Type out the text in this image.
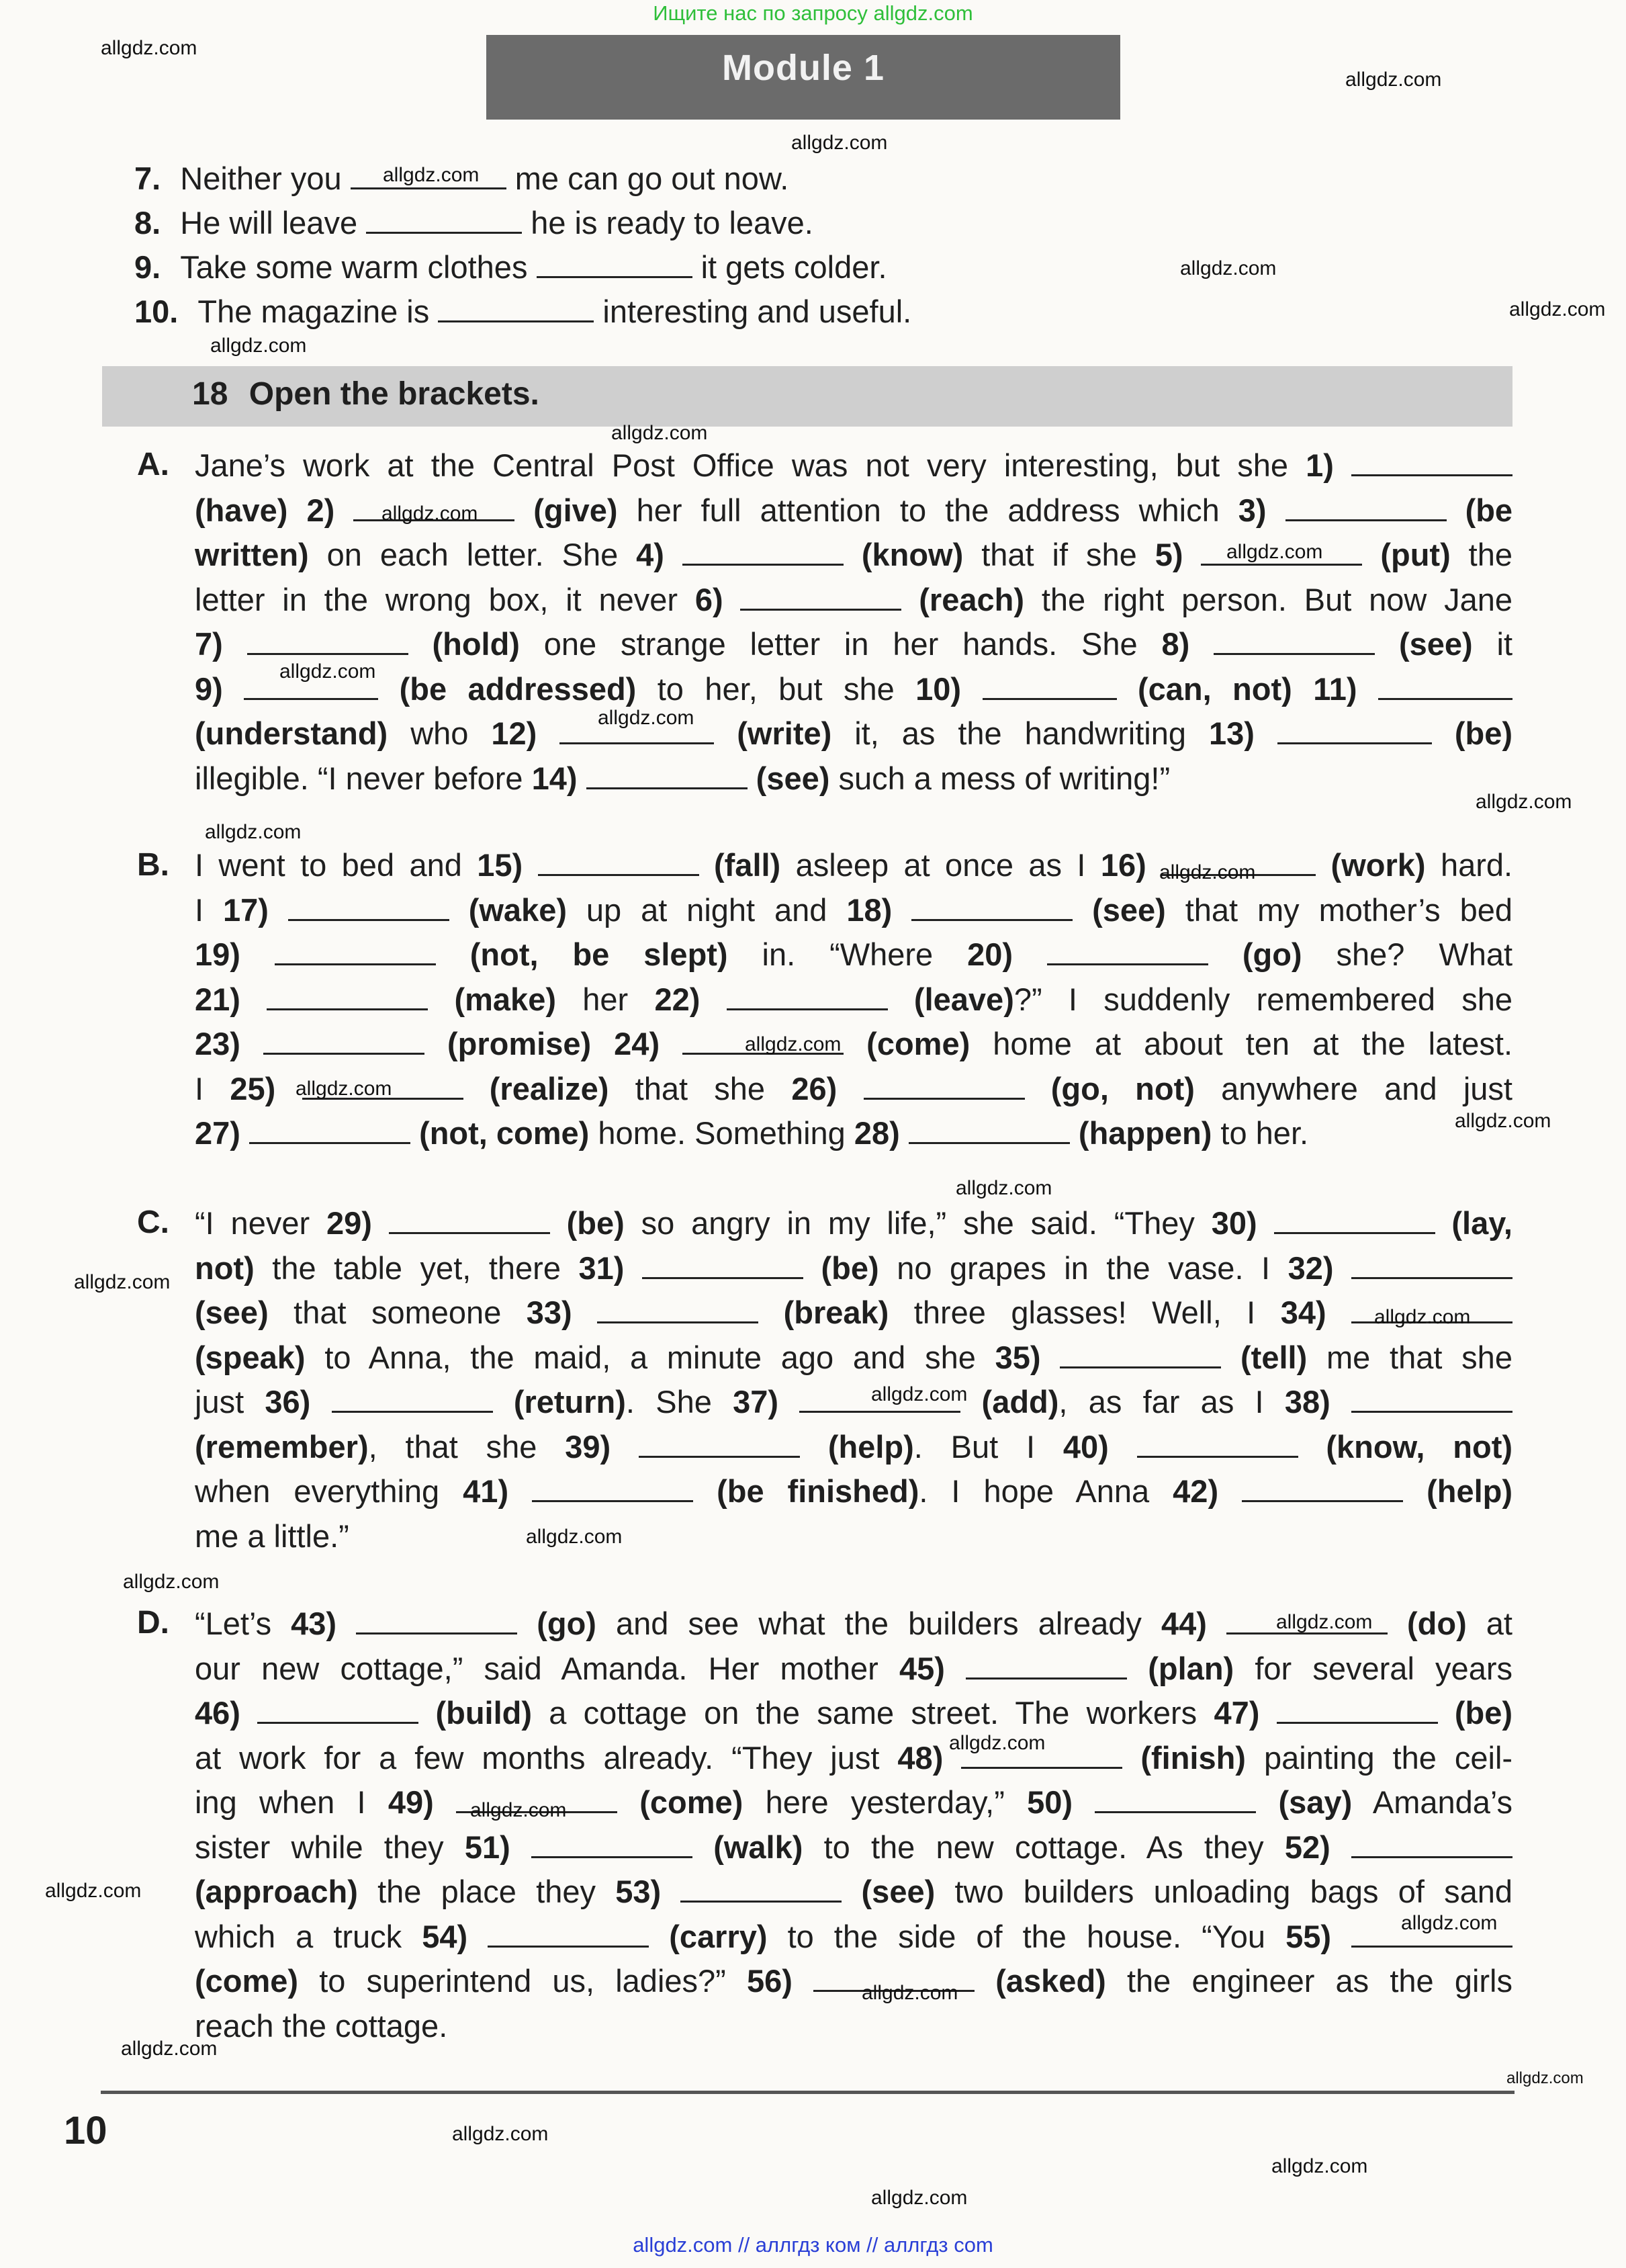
Ищите нас по запросу allgdz.com
Module 1
7. Neither you	me can go out now.
8. He will leave	he is ready to leave.
9. Take some warm clothes	it gets colder.
10. The magazine is	interesting and useful.
18 Open the brackets.
A. Jane’s work at the Central Post Office was not very interesting, but she 1)
(have) 2)	(give) her full attention to the address which 3)	(be
written) on each letter. She 4)	(know) that if she 5)	(put) the
letter in the wrong box, it never 6)	(reach) the right person. But now Jane
7)	(hold) one strange letter in her hands. She 8)	(see) it
9)	(be addressed) to her, but she 10)	(can, not) 11)
(understand) who 12)	(write) it, as the handwriting 13)	(be)
illegible. “I never before 14)	(see) such a mess of writing!”
B. I went to bed and 15)	(fall) asleep at once as I 16)	(work) hard.
I 17)	(wake) up at night and 18)	(see) that my mother’s bed
19)	(not, be slept) in. “Where 20)	(go) she? What
21)	(make) her 22)	(leave)?” I suddenly remembered she
23)	(promise) 24)	(come) home at about ten at the latest.
I 25)	(realize) that she 26)	(go, not) anywhere and just
27)	(not, come) home. Something 28)	(happen) to her.
C. “I never 29)	(be) so angry in my life,” she said. “They 30)	(lay,
not) the table yet, there 31)	(be) no grapes in the vase. I 32)
(see) that someone 33)	(break) three glasses! Well, I 34)
(speak) to Anna, the maid, a minute ago and she 35)	(tell) me that she
just 36)	(return). She 37)	(add), as far as I 38)
(remember), that she 39)	(help). But I 40)	(know, not)
when everything 41)	(be finished). I hope Anna 42)	(help)
me a little.”
D. “Let’s 43)	(go) and see what the builders already 44)	(do) at
our new cottage,” said Amanda. Her mother 45)	(plan) for several years
46)	(build) a cottage on the same street. The workers 47)	(be)
at work for a few months already. “They just 48)	(finish) painting the ceil-
ing when I 49)	(come) here yesterday,” 50)	(say) Amanda’s
sister while they 51)	(walk) to the new cottage. As they 52)
(approach) the place they 53)	(see) two builders unloading bags of sand
which a truck 54)	(carry) to the side of the house. “You 55)
(come) to superintend us, ladies?” 56)	(asked) the engineer as the girls
reach the cottage.
10
allgdz.com
allgdz.com
allgdz.com
allgdz.com
allgdz.com
allgdz.com
allgdz.com
allgdz.com
allgdz.com
allgdz.com
allgdz.com
allgdz.com
allgdz.com
allgdz.com
allgdz.com
allgdz.com
allgdz.com
allgdz.com
allgdz.com
allgdz.com
allgdz.com
allgdz.com
allgdz.com
allgdz.com
allgdz.com
allgdz.com
allgdz.com
allgdz.com
allgdz.com
allgdz.com
allgdz.com
allgdz.com
allgdz.com
allgdz.com
allgdz.com
allgdz.com // аллгдз ком // аллгдз com
